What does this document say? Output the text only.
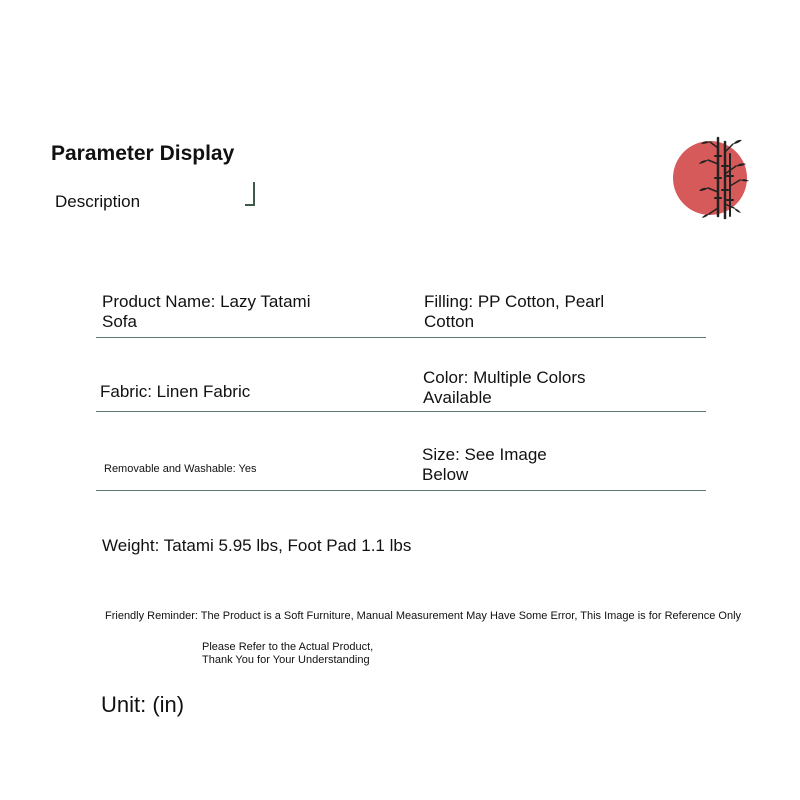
Parameter Display
Description
Product Name: Lazy Tatami Sofa
Filling: PP Cotton, Pearl Cotton
Fabric: Linen Fabric
Color: Multiple Colors Available
Removable and Washable: Yes
Size: See Image Below
Weight: Tatami 5.95 lbs, Foot Pad 1.1 lbs
Friendly Reminder: The Product is a Soft Furniture, Manual Measurement May Have Some Error, This Image is for Reference Only
Please Refer to the Actual Product,
Thank You for Your Understanding
Unit: (in)
